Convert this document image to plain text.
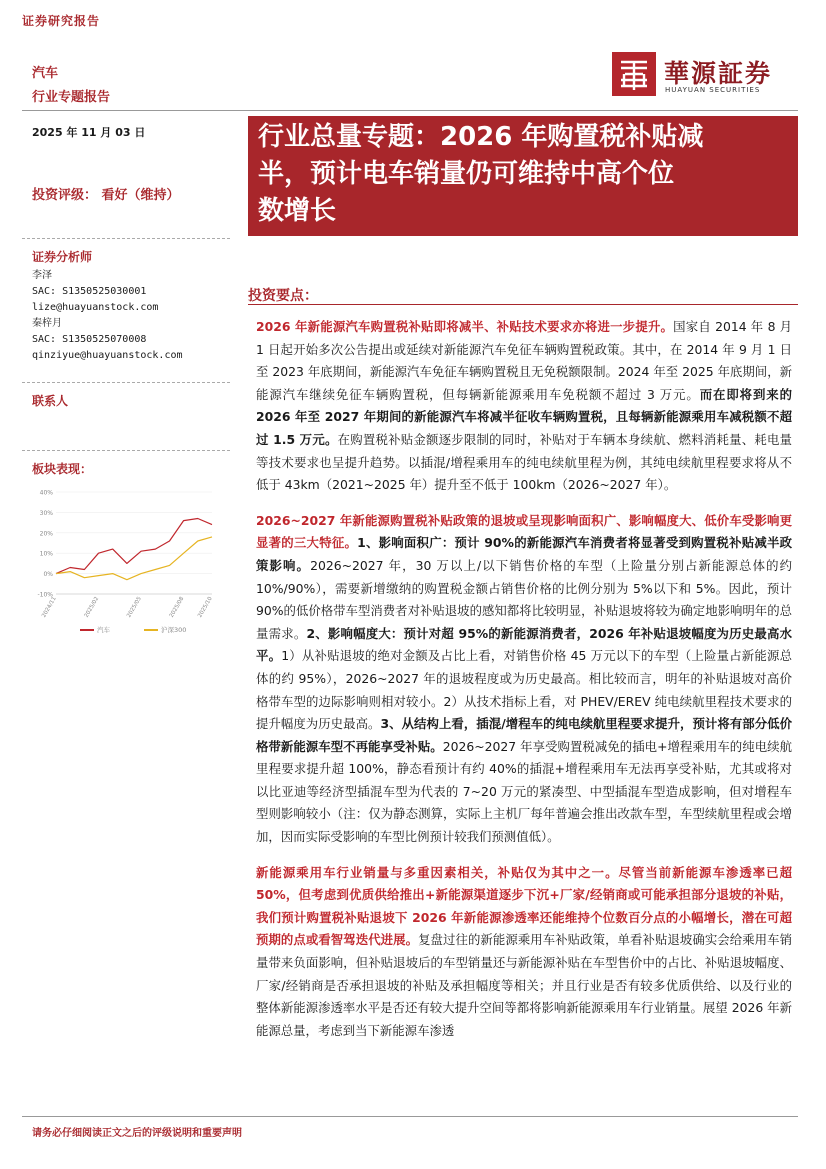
证券研究报告
汽车
行业专题报告
華源証券
HUAYUAN SECURITIES
2025 年 11 月 03 日	行业总量专题：2026 年购置税补贴减
半，预计电车销量仍可维持中高个位
数增长
投资评级： 看好（维持）
证券分析师
李泽
SAC: S1350525030001
lize@huayuanstock.com
秦梓月
SAC: S1350525070008
qinziyue@huayuanstock.com
联系人
板块表现：
40%
30%
20%
10%
0%
-10%
2024/11	2025/02	2025/05	2025/08 2025/10
汽车	沪深300
投资要点：

2026 年新能源汽车购置税补贴即将减半、补贴技术要求亦将进一步提升。国家自 2014 年 8 月 1 日起开始多次公告提出或延续对新能源汽车免征车辆购置税政策。其中，在 2014 年 9 月 1 日至 2023 年底期间，新能源汽车免征车辆购置税且无免税额限制。2024 年至 2025 年底期间，新能源汽车继续免征车辆购置税，但每辆新能源乘用车免税额不超过 3 万元。而在即将到来的 2026 年至 2027 年期间的新能源汽车将减半征收车辆购置税，且每辆新能源乘用车减税额不超过 1.5 万元。在购置税补贴金额逐步限制的同时，补贴对于车辆本身续航、燃料消耗量、耗电量等技术要求也呈提升趋势。以插混/增程乘用车的纯电续航里程为例，其纯电续航里程要求将从不低于 43km（2021~2025 年）提升至不低于 100km（2026~2027 年）。

2026~2027 年新能源购置税补贴政策的退坡或呈现影响面积广、影响幅度大、低价车受影响更显著的三大特征。1、影响面积广：预计 90%的新能源汽车消费者将显著受到购置税补贴减半政策影响。2026~2027 年，30 万以上/以下销售价格的车型（上险量分别占新能源总体的约 10%/90%），需要新增缴纳的购置税金额占销售价格的比例分别为 5%以下和 5%。因此，预计 90%的低价格带车型消费者对补贴退坡的感知都将比较明显，补贴退坡将较为确定地影响明年的总量需求。2、影响幅度大：预计对超 95%的新能源消费者，2026 年补贴退坡幅度为历史最高水平。1）从补贴退坡的绝对金额及占比上看，对销售价格 45 万元以下的车型（上险量占新能源总体的约 95%），2026~2027 年的退坡程度或为历史最高。相比较而言，明年的补贴退坡对高价格带车型的边际影响则相对较小。2）从技术指标上看，对 PHEV/EREV 纯电续航里程技术要求的提升幅度为历史最高。3、从结构上看，插混/增程车的纯电续航里程要求提升，预计将有部分低价格带新能源车型不再能享受补贴。2026~2027 年享受购置税减免的插电+增程乘用车的纯电续航里程要求提升超 100%，静态看预计有约 40%的插混+增程乘用车无法再享受补贴，尤其或将对以比亚迪等经济型插混车型为代表的 7~20 万元的紧凑型、中型插混车型造成影响，但对增程车型则影响较小（注：仅为静态测算，实际上主机厂每年普遍会推出改款车型，车型续航里程或会增加，因而实际受影响的车型比例预计较我们预测值低）。

新能源乘用车行业销量与多重因素相关，补贴仅为其中之一。尽管当前新能源车渗透率已超 50%，但考虑到优质供给推出+新能源渠道逐步下沉+厂家/经销商或可能承担部分退坡的补贴，我们预计购置税补贴退坡下 2026 年新能源渗透率还能维持个位数百分点的小幅增长，潜在可超预期的点或看智驾迭代进展。复盘过往的新能源乘用车补贴政策，单看补贴退坡确实会给乘用车销量带来负面影响，但补贴退坡后的车型销量还与新能源补贴在车型售价中的占比、补贴退坡幅度、厂家/经销商是否承担退坡的补贴及承担幅度等相关；并且行业是否有较多优质供给、以及行业的整体新能源渗透率水平是否还有较大提升空间等都将影响新能源乘用车行业销量。展望 2026 年新能源总量，考虑到当下新能源车渗透

请务必仔细阅读正文之后的评级说明和重要声明
